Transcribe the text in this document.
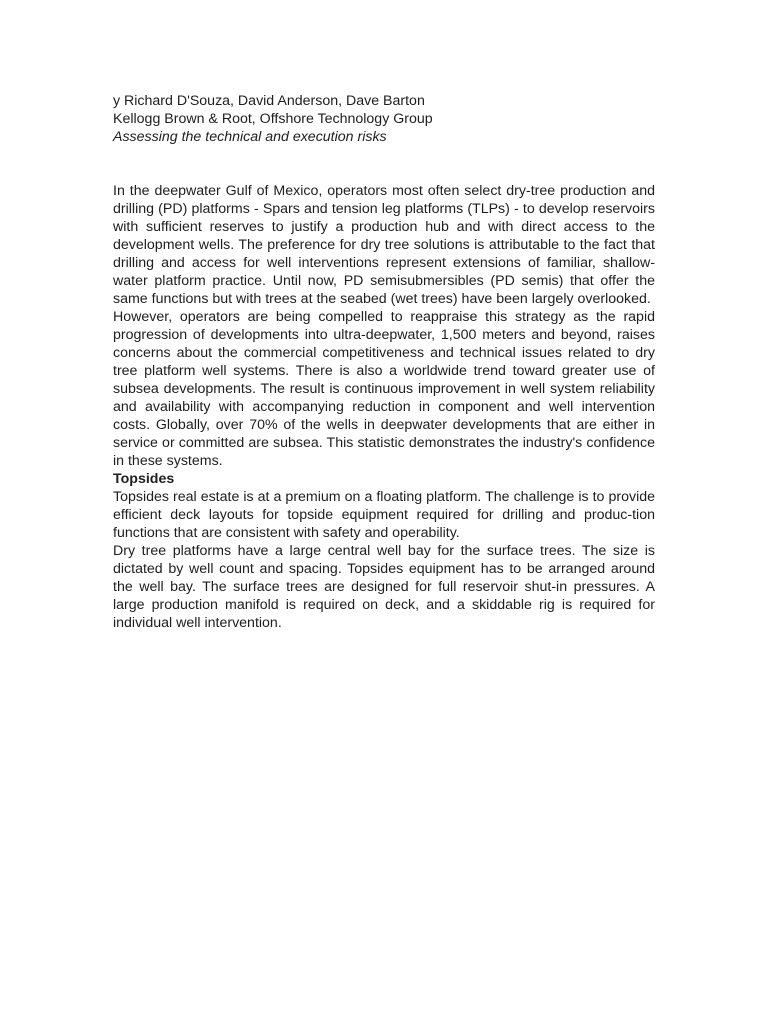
y Richard D'Souza, David Anderson, Dave Barton
Kellogg Brown & Root, Offshore Technology Group
Assessing the technical and execution risks

In the deepwater Gulf of Mexico, operators most often select dry-tree production and drilling (PD) platforms - Spars and tension leg platforms (TLPs) - to develop reservoirs with sufficient reserves to justify a production hub and with direct access to the development wells. The preference for dry tree solutions is attributable to the fact that drilling and access for well interventions represent extensions of familiar, shallow-water platform practice. Until now, PD semisubmersibles (PD semis) that offer the same functions but with trees at the seabed (wet trees) have been largely overlooked.

However, operators are being compelled to reappraise this strategy as the rapid progression of developments into ultra-deepwater, 1,500 meters and beyond, raises concerns about the commercial competitiveness and technical issues related to dry tree platform well systems. There is also a worldwide trend toward greater use of subsea developments. The result is continuous improvement in well system reliability and availability with accompanying reduction in component and well intervention costs. Globally, over 70% of the wells in deepwater developments that are either in service or committed are subsea. This statistic demonstrates the industry's confidence in these systems.

Topsides

Topsides real estate is at a premium on a floating platform. The challenge is to provide efficient deck layouts for topside equipment required for drilling and produc-tion functions that are consistent with safety and operability.

Dry tree platforms have a large central well bay for the surface trees. The size is dictated by well count and spacing. Topsides equipment has to be arranged around the well bay. The surface trees are designed for full reservoir shut-in pressures. A large production manifold is required on deck, and a skiddable rig is required for individual well intervention.
